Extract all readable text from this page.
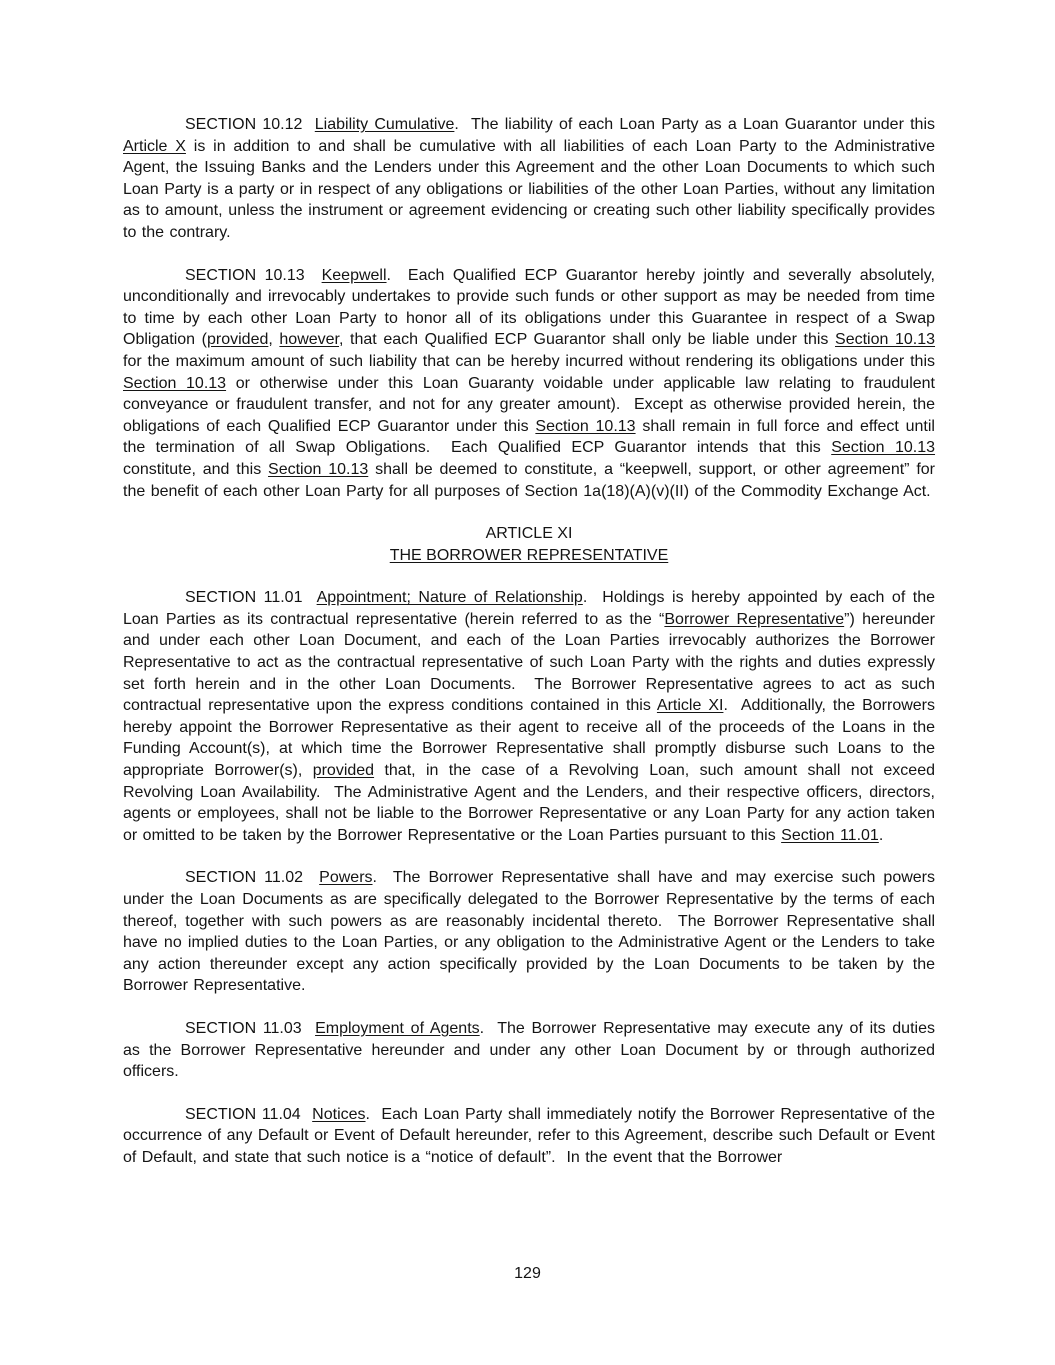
SECTION 10.12  Liability Cumulative.  The liability of each Loan Party as a Loan Guarantor under this Article X is in addition to and shall be cumulative with all liabilities of each Loan Party to the Administrative Agent, the Issuing Banks and the Lenders under this Agreement and the other Loan Documents to which such Loan Party is a party or in respect of any obligations or liabilities of the other Loan Parties, without any limitation as to amount, unless the instrument or agreement evidencing or creating such other liability specifically provides to the contrary.

SECTION 10.13  Keepwell.  Each Qualified ECP Guarantor hereby jointly and severally absolutely, unconditionally and irrevocably undertakes to provide such funds or other support as may be needed from time to time by each other Loan Party to honor all of its obligations under this Guarantee in respect of a Swap Obligation (provided, however, that each Qualified ECP Guarantor shall only be liable under this Section 10.13 for the maximum amount of such liability that can be hereby incurred without rendering its obligations under this Section 10.13 or otherwise under this Loan Guaranty voidable under applicable law relating to fraudulent conveyance or fraudulent transfer, and not for any greater amount).  Except as otherwise provided herein, the obligations of each Qualified ECP Guarantor under this Section 10.13 shall remain in full force and effect until the termination of all Swap Obligations.  Each Qualified ECP Guarantor intends that this Section 10.13 constitute, and this Section 10.13 shall be deemed to constitute, a “keepwell, support, or other agreement” for the benefit of each other Loan Party for all purposes of Section 1a(18)(A)(v)(II) of the Commodity Exchange Act.

ARTICLE XI
THE BORROWER REPRESENTATIVE

SECTION 11.01  Appointment; Nature of Relationship.  Holdings is hereby appointed by each of the Loan Parties as its contractual representative (herein referred to as the “Borrower Representative”) hereunder and under each other Loan Document, and each of the Loan Parties irrevocably authorizes the Borrower Representative to act as the contractual representative of such Loan Party with the rights and duties expressly set forth herein and in the other Loan Documents.  The Borrower Representative agrees to act as such contractual representative upon the express conditions contained in this Article XI.  Additionally, the Borrowers hereby appoint the Borrower Representative as their agent to receive all of the proceeds of the Loans in the Funding Account(s), at which time the Borrower Representative shall promptly disburse such Loans to the appropriate Borrower(s), provided that, in the case of a Revolving Loan, such amount shall not exceed Revolving Loan Availability.  The Administrative Agent and the Lenders, and their respective officers, directors, agents or employees, shall not be liable to the Borrower Representative or any Loan Party for any action taken or omitted to be taken by the Borrower Representative or the Loan Parties pursuant to this Section 11.01.

SECTION 11.02  Powers.  The Borrower Representative shall have and may exercise such powers under the Loan Documents as are specifically delegated to the Borrower Representative by the terms of each thereof, together with such powers as are reasonably incidental thereto.  The Borrower Representative shall have no implied duties to the Loan Parties, or any obligation to the Administrative Agent or the Lenders to take any action thereunder except any action specifically provided by the Loan Documents to be taken by the Borrower Representative.

SECTION 11.03  Employment of Agents.  The Borrower Representative may execute any of its duties as the Borrower Representative hereunder and under any other Loan Document by or through authorized officers.

SECTION 11.04  Notices.  Each Loan Party shall immediately notify the Borrower Representative of the occurrence of any Default or Event of Default hereunder, refer to this Agreement, describe such Default or Event of Default, and state that such notice is a “notice of default”.  In the event that the Borrower

129
